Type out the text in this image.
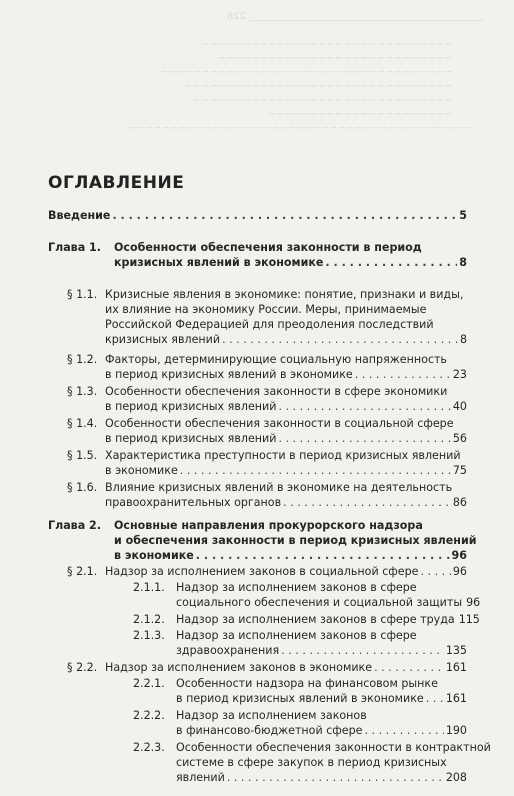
_______________________________________________ 226

~~~~~~~~~~~~~~~~~~~~~~~~~~~~~~
~~~~~~~~~~~~~~~~~~~~~~~~~~~~
~~~~~~~~~~~~~~~~~~~~~~~~~~~~~~~~~~~
~~~~~~~~~~~~~~~~~~~~~~~~~~~~~~~~
~~~~~~~~~~~~~~~~~~~~~~~~~~~~~~~
~~~~~~~~~~~~~~~~~~~~~~
~~~~~~~~~~~~~~~~~~~~~~~~~~~~~~~~~~~~~~~~~
ОГЛАВЛЕНИЕ
Введение . . .	5
Глава 1. Особенности обеспечения законности в период
кризисных явлений в экономике . . .	8
§ 1.1. Кризисные явления в экономике: понятие, признаки и виды,
их влияние на экономику России. Меры, принимаемые
Российской Федерацией для преодоления последствий
кризисных явлений . . .	8
§ 1.2. Факторы, детерминирующие социальную напряженность
в период кризисных явлений в экономике . . .	23
§ 1.3. Особенности обеспечения законности в сфере экономики
в период кризисных явлений . . .	40
§ 1.4. Особенности обеспечения законности в социальной сфере
в период кризисных явлений . . .	56
§ 1.5. Характеристика преступности в период кризисных явлений
в экономике . . .	75
§ 1.6. Влияние кризисных явлений в экономике на деятельность
правоохранительных органов . . .	86
Глава 2. Основные направления прокурорского надзора
и обеспечения законности в период кризисных явлений
в экономике . . .	96
§ 2.1. Надзор за исполнением законов в социальной сфере . . .	96
2.1.1. Надзор за исполнением законов в сфере
социального обеспечения и социальной защиты 96
2.1.2. Надзор за исполнением законов в сфере труда 115
2.1.3. Надзор за исполнением законов в сфере
здравоохранения . . .	135
§ 2.2. Надзор за исполнением законов в экономике . . .	161
2.2.1. Особенности надзора на финансовом рынке
в период кризисных явлений в экономике . . . 161
2.2.2. Надзор за исполнением законов
в финансово-бюджетной сфере . . .	190
2.2.3. Особенности обеспечения законности в контрактной
системе в сфере закупок в период кризисных
явлений . . .	208
